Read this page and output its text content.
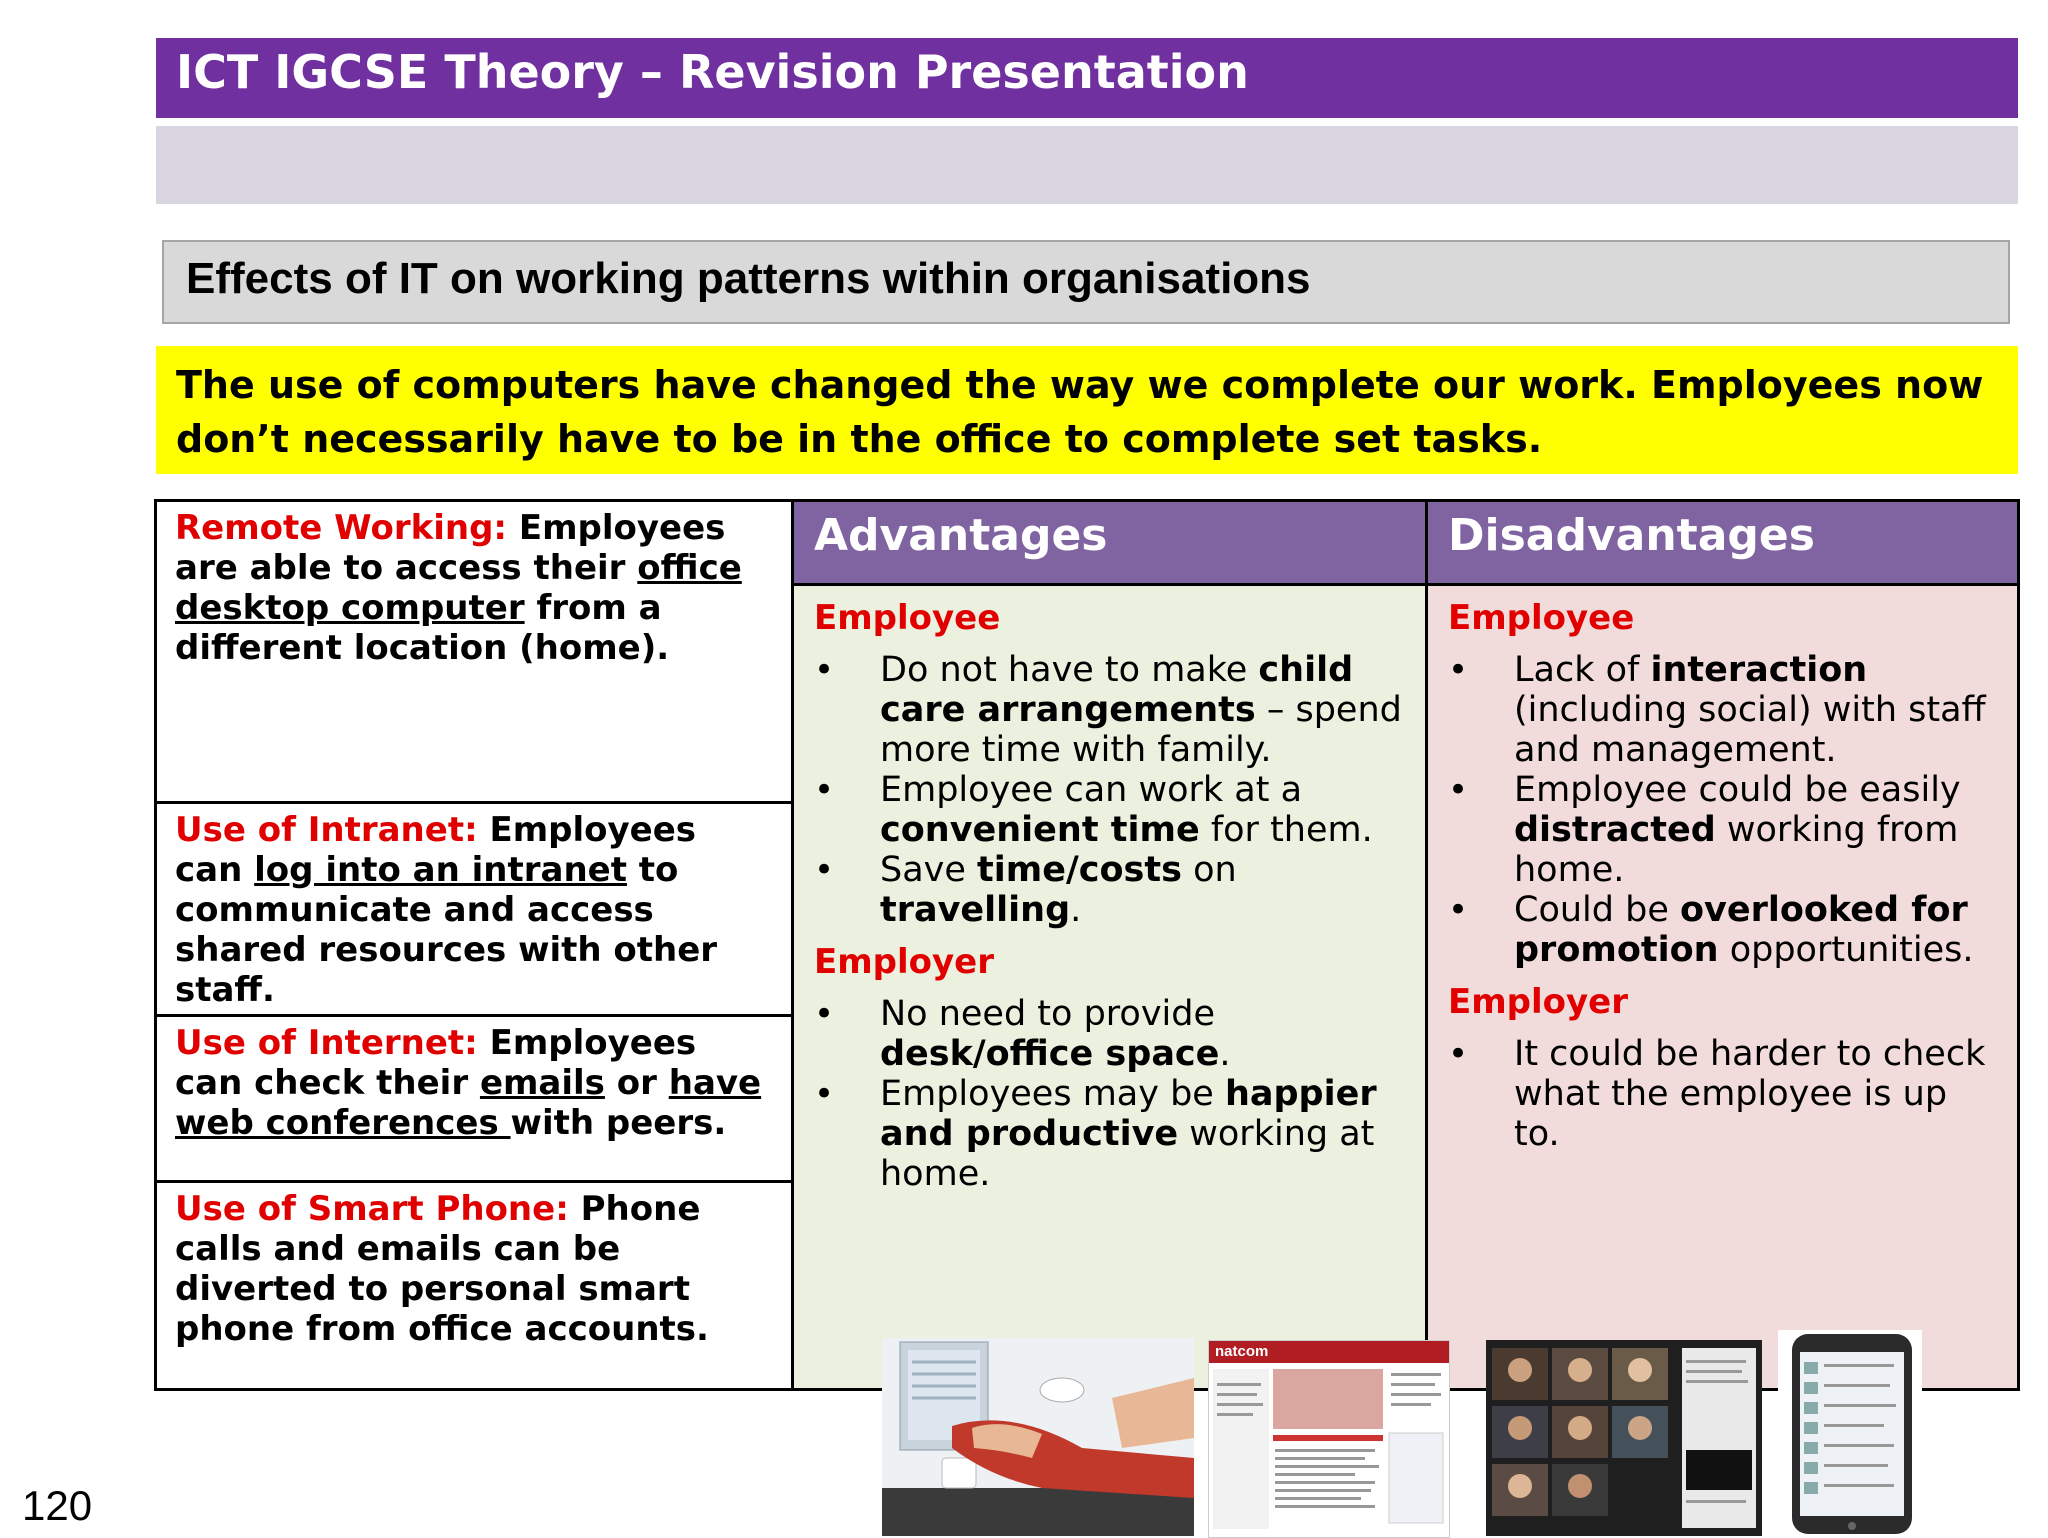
ICT IGCSE Theory – Revision Presentation
Effects of IT on working patterns within organisations
The use of computers have changed the way we complete our work. Employees now don’t necessarily have to be in the office to complete set tasks.
Remote Working: Employees are able to access their office desktop computer from a different location (home).
Use of Intranet: Employees can log into an intranet to communicate and access shared resources with other staff.
Use of Internet: Employees can check their emails or have web conferences with peers.
Use of Smart Phone: Phone calls and emails can be diverted to personal smart phone from office accounts.
Advantages
Employee
• Do not have to make child care arrangements – spend more time with family.
• Employee can work at a convenient time for them.
• Save time/costs on travelling.
Employer
• No need to provide desk/office space.
• Employees may be happier and productive working at home.
Disadvantages
Employee
• Lack of interaction (including social) with staff and management.
• Employee could be easily distracted working from home.
• Could be overlooked for promotion opportunities.
Employer
• It could be harder to check what the employee is up to.
natcom
120
